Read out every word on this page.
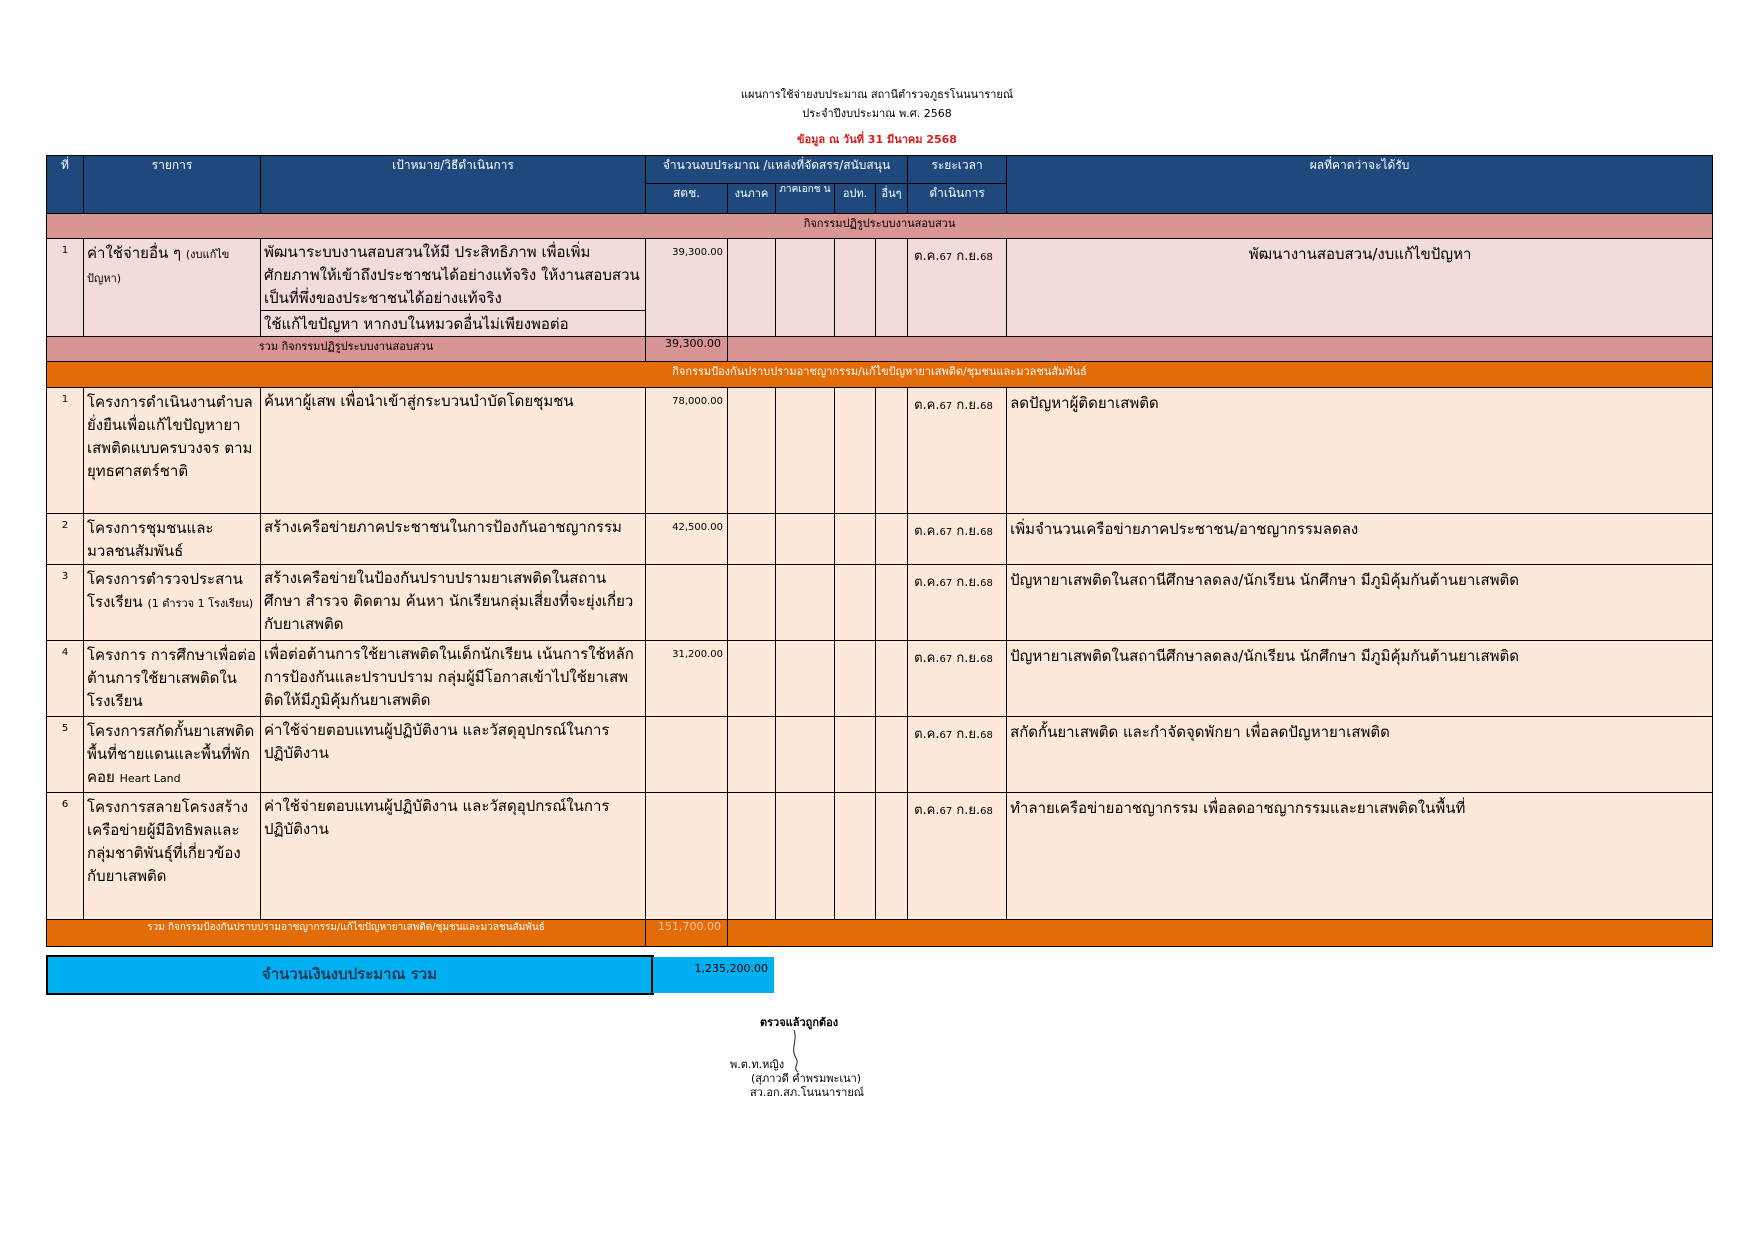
แผนการใช้จ่ายงบประมาณ สถานีตำรวจภูธรโนนนารายณ์
ประจำปีงบประมาณ พ.ศ. 2568
ข้อมูล ณ วันที่ 31 มีนาคม 2568
ที่	รายการ	เป้าหมาย/วิธีดำเนินการ	จำนวนงบประมาณ /แหล่งที่จัดสรร/สนับสนุน					ระยะเวลา	ผลที่คาดว่าจะได้รับ
			สตช.	งนภาค	ภาคเอกช น	อปท.	อื่นๆ	ดำเนินการ	
กิจกรรมปฏิรูประบบงานสอบสวน									
1	ค่าใช้จ่ายอื่น ๆ (งบแก้ไขปัญหา)	พัฒนาระบบงานสอบสวนให้มี ประสิทธิภาพ เพื่อเพิ่มศักยภาพให้เข้าถึงประชาชนได้อย่างแท้จริง ให้งานสอบสวนเป็นที่พึ่งของประชาชนได้อย่างแท้จริง	39,300.00					ต.ค.67 ก.ย.68	พัฒนางานสอบสวน/งบแก้ไขปัญหา
		ใช้แก้ไขปัญหา หากงบในหมวดอื่นไม่เพียงพอต่อ							
รวม กิจกรรมปฏิรูประบบงานสอบสวน			39,300.00						
กิจกรรมป้องกันปราบปรามอาชญากรรม/แก้ไขปัญหายาเสพติด/ชุมชนและมวลชนสัมพันธ์									
1	โครงการดำเนินงานตำบลยั่งยืนเพื่อแก้ไขปัญหายาเสพติดแบบครบวงจร ตามยุทธศาสตร์ชาติ	ค้นหาผู้เสพ เพื่อนำเข้าสู่กระบวนบำบัดโดยชุมชน	78,000.00					ต.ค.67 ก.ย.68	ลดปัญหาผู้ติดยาเสพติด
2	โครงการชุมชนและมวลชนสัมพันธ์	สร้างเครือข่ายภาคประชาชนในการป้องกันอาชญากรรม	42,500.00					ต.ค.67 ก.ย.68	เพิ่มจำนวนเครือข่ายภาคประชาชน/อาชญากรรมลดลง
3	โครงการตำรวจประสานโรงเรียน (1 ตำรวจ 1 โรงเรียน)	สร้างเครือข่ายในป้องกันปราบปรามยาเสพติดในสถานศึกษา สำรวจ ติดตาม ค้นหา นักเรียนกลุ่มเสี่ยงที่จะยุ่งเกี่ยวกับยาเสพติด						ต.ค.67 ก.ย.68	ปัญหายาเสพติดในสถานีศึกษาลดลง/นักเรียน นักศึกษา มีภูมิคุ้มกันต้านยาเสพติด
4	โครงการ การศึกษาเพื่อต่อต้านการใช้ยาเสพติดในโรงเรียน	เพื่อต่อต้านการใช้ยาเสพติดในเด็กนักเรียน เน้นการใช้หลักการป้องกันและปราบปราม กลุ่มผู้มีโอกาสเข้าไปใช้ยาเสพติดให้มีภูมิคุ้มกันยาเสพติด	31,200.00					ต.ค.67 ก.ย.68	ปัญหายาเสพติดในสถานีศึกษาลดลง/นักเรียน นักศึกษา มีภูมิคุ้มกันต้านยาเสพติด
5	โครงการสกัดกั้นยาเสพติดพื้นที่ชายแดนและพื้นที่พักคอย Heart Land	ค่าใช้จ่ายตอบแทนผู้ปฏิบัติงาน และวัสดุอุปกรณ์ในการปฏิบัติงาน						ต.ค.67 ก.ย.68	สกัดกั้นยาเสพติด และกำจัดจุดพักยา เพื่อลดปัญหายาเสพติด
6	โครงการสลายโครงสร้างเครือข่ายผู้มีอิทธิพลและกลุ่มชาติพันธุ์ที่เกี่ยวข้องกับยาเสพติด	ค่าใช้จ่ายตอบแทนผู้ปฏิบัติงาน และวัสดุอุปกรณ์ในการปฏิบัติงาน						ต.ค.67 ก.ย.68	ทำลายเครือข่ายอาชญากรรม เพื่อลดอาชญากรรมและยาเสพติดในพื้นที่
รวม กิจกรรมป้องกันปราบปรามอาชญากรรม/แก้ไขปัญหายาเสพติด/ชุมชนและมวลชนสัมพันธ์			151,700.00						
จำนวนเงินงบประมาณ รวม	1,235,200.00
ตรวจแล้วถูกต้อง
พ.ต.ท.หญิง
(สุภาวดี คำพรมพะเนา)
สว.อก.สภ.โนนนารายณ์
